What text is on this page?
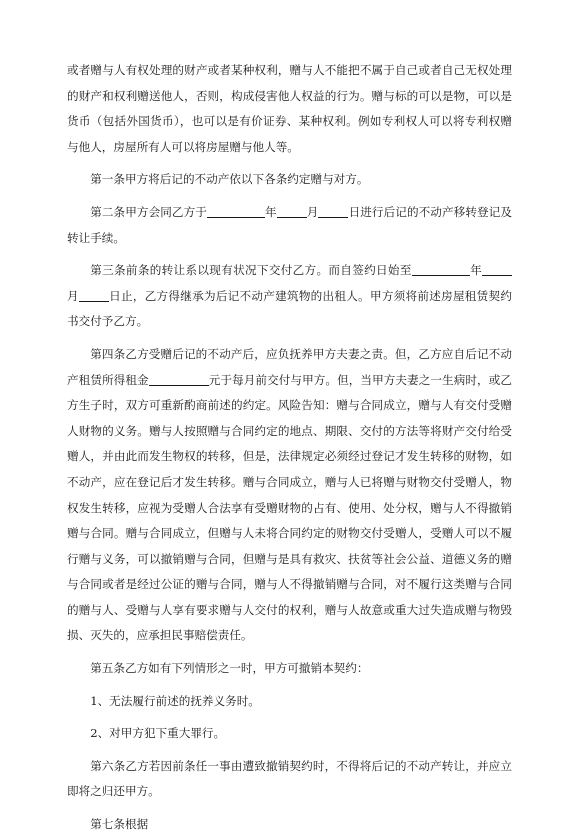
或者赠与人有权处理的财产或者某种权利，赠与人不能把不属于自己或者自己无权处理的财产和权利赠送他人，否则，构成侵害他人权益的行为。赠与标的可以是物，可以是货币（包括外国货币），也可以是有价证券、某种权利。例如专利权人可以将专利权赠与他人，房屋所有人可以将房屋赠与他人等。

第一条甲方将后记的不动产依以下各条约定赠与对方。

第二条甲方会同乙方于	年	月	日进行后记的不动产移转登记及转让手续。

第三条前条的转让系以现有状况下交付乙方。而自签约日始至	年月	日止，乙方得继承为后记不动产建筑物的出租人。甲方须将前述房屋租赁契约书交付予乙方。

第四条乙方受赠后记的不动产后，应负抚养甲方夫妻之责。但，乙方应自后记不动产租赁所得租金	元于每月前交付与甲方。但，当甲方夫妻之一生病时，或乙方生子时，双方可重新酌商前述的约定。风险告知：赠与合同成立，赠与人有交付受赠人财物的义务。赠与人按照赠与合同约定的地点、期限、交付的方法等将财产交付给受赠人，并由此而发生物权的转移，但是，法律规定必须经过登记才发生转移的财物，如不动产，应在登记后才发生转移。赠与合同成立，赠与人已将赠与财物交付受赠人，物权发生转移，应视为受赠人合法享有受赠财物的占有、使用、处分权，赠与人不得撤销赠与合同。赠与合同成立，但赠与人未将合同约定的财物交付受赠人，受赠人可以不履行赠与义务，可以撤销赠与合同，但赠与是具有救灾、扶贫等社会公益、道德义务的赠与合同或者是经过公证的赠与合同，赠与人不得撤销赠与合同，对不履行这类赠与合同的赠与人、受赠与人享有要求赠与人交付的权利，赠与人故意或重大过失造成赠与物毁损、灭失的，应承担民事赔偿责任。

第五条乙方如有下列情形之一时，甲方可撤销本契约：

1、无法履行前述的抚养义务时。

2、对甲方犯下重大罪行。

第六条乙方若因前条任一事由遭致撤销契约时，不得将后记的不动产转让，并应立即将之归还甲方。

第七条根据
